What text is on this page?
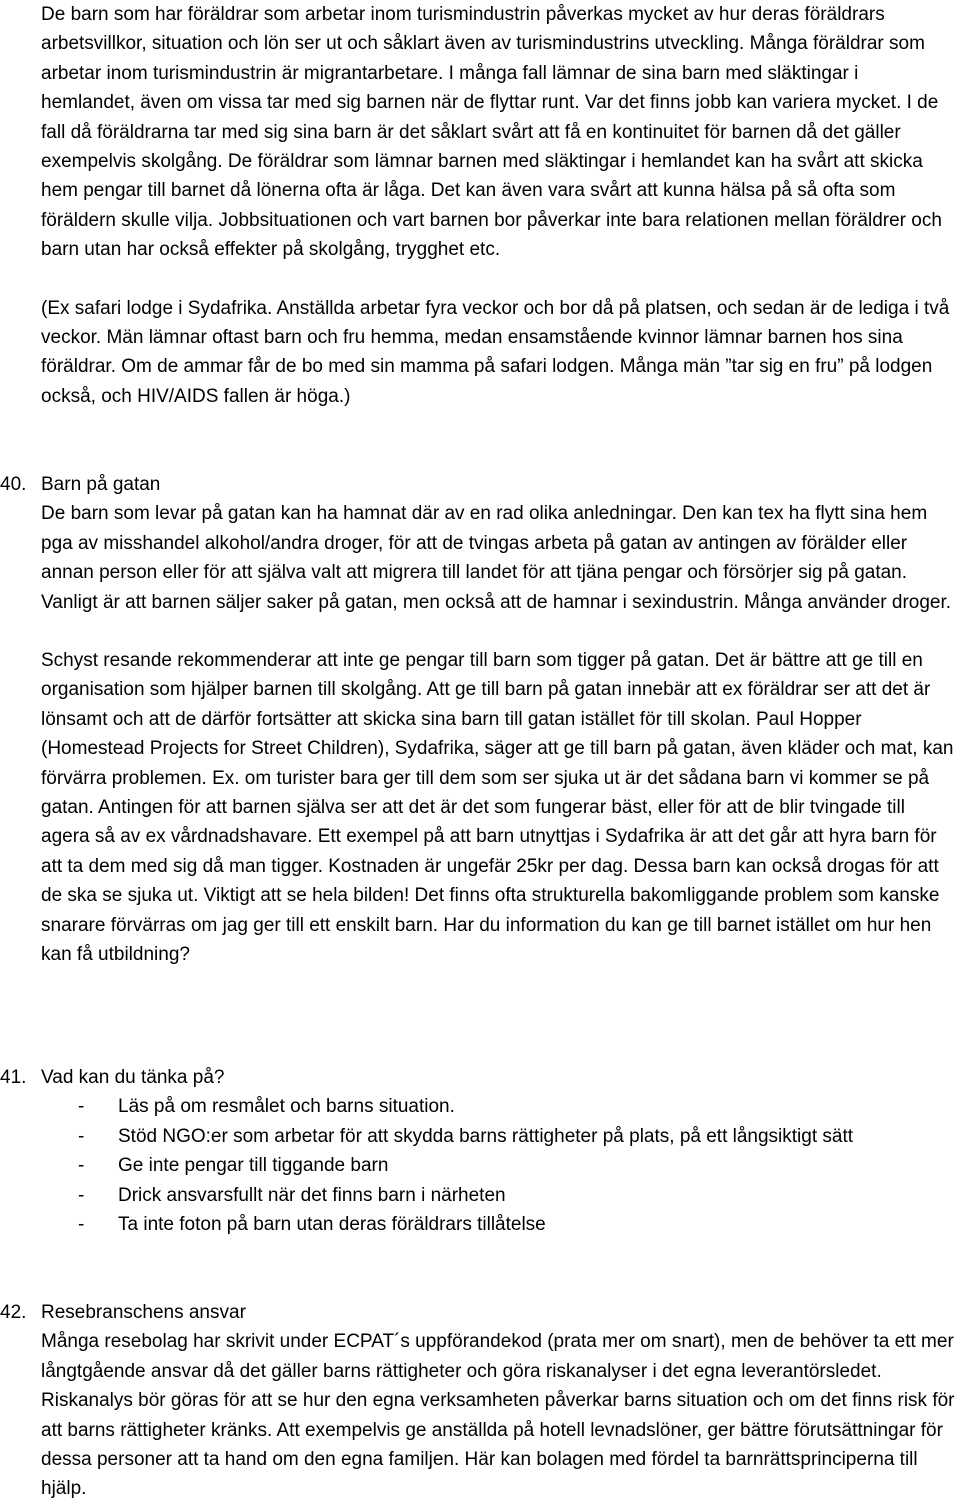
De barn som har föräldrar som arbetar inom turismindustrin påverkas mycket av hur deras föräldrars arbetsvillkor, situation och lön ser ut och såklart även av turismindustrins utveckling. Många föräldrar som arbetar inom turismindustrin är migrantarbetare. I många fall lämnar de sina barn med släktingar i hemlandet, även om vissa tar med sig barnen när de flyttar runt. Var det finns jobb kan variera mycket. I de fall då föräldrarna tar med sig sina barn är det såklart svårt att få en kontinuitet för barnen då det gäller exempelvis skolgång. De föräldrar som lämnar barnen med släktingar i hemlandet kan ha svårt att skicka hem pengar till barnet då lönerna ofta är låga. Det kan även vara svårt att kunna hälsa på så ofta som föräldern skulle vilja. Jobbsituationen och vart barnen bor påverkar inte bara relationen mellan föräldrer och barn utan har också effekter på skolgång, trygghet etc.

(Ex safari lodge i Sydafrika. Anställda arbetar fyra veckor och bor då på platsen, och sedan är de lediga i två veckor. Män lämnar oftast barn och fru hemma, medan ensamstående kvinnor lämnar barnen hos sina föräldrar. Om de ammar får de bo med sin mamma på safari lodgen. Många män ”tar sig en fru” på lodgen också, och HIV/AIDS fallen är höga.)

40. Barn på gatan

De barn som levar på gatan kan ha hamnat där av en rad olika anledningar. Den kan tex ha flytt sina hem pga av misshandel alkohol/andra droger, för att de tvingas arbeta på gatan av antingen av förälder eller annan person eller för att själva valt att migrera till landet för att tjäna pengar och försörjer sig på gatan. Vanligt är att barnen säljer saker på gatan, men också att de hamnar i sexindustrin. Många använder droger.

Schyst resande rekommenderar att inte ge pengar till barn som tigger på gatan. Det är bättre att ge till en organisation som hjälper barnen till skolgång. Att ge till barn på gatan innebär att ex föräldrar ser att det är lönsamt och att de därför fortsätter att skicka sina barn till gatan istället för till skolan. Paul Hopper (Homestead Projects for Street Children), Sydafrika, säger att ge till barn på gatan, även kläder och mat, kan förvärra problemen. Ex. om turister bara ger till dem som ser sjuka ut är det sådana barn vi kommer se på gatan. Antingen för att barnen själva ser att det är det som fungerar bäst, eller för att de blir tvingade till agera så av ex vårdnadshavare. Ett exempel på att barn utnyttjas i Sydafrika är att det går att hyra barn för att ta dem med sig då man tigger. Kostnaden är ungefär 25kr per dag. Dessa barn kan också drogas för att de ska se sjuka ut. Viktigt att se hela bilden! Det finns ofta strukturella bakomliggande problem som kanske snarare förvärras om jag ger till ett enskilt barn. Har du information du kan ge till barnet istället om hur hen kan få utbildning?

41. Vad kan du tänka på?

- Läs på om resmålet och barns situation.
- Stöd NGO:er som arbetar för att skydda barns rättigheter på plats, på ett långsiktigt sätt
- Ge inte pengar till tiggande barn
- Drick ansvarsfullt när det finns barn i närheten
- Ta inte foton på barn utan deras föräldrars tillåtelse
42. Resebranschens ansvar

Många resebolag har skrivit under ECPAT´s uppförandekod (prata mer om snart), men de behöver ta ett mer långtgående ansvar då det gäller barns rättigheter och göra riskanalyser i det egna leverantörsledet. Riskanalys bör göras för att se hur den egna verksamheten påverkar barns situation och om det finns risk för att barns rättigheter kränks. Att exempelvis ge anställda på hotell levnadslöner, ger bättre förutsättningar för dessa personer att ta hand om den egna familjen. Här kan bolagen med fördel ta barnrättsprinciperna till hjälp.
